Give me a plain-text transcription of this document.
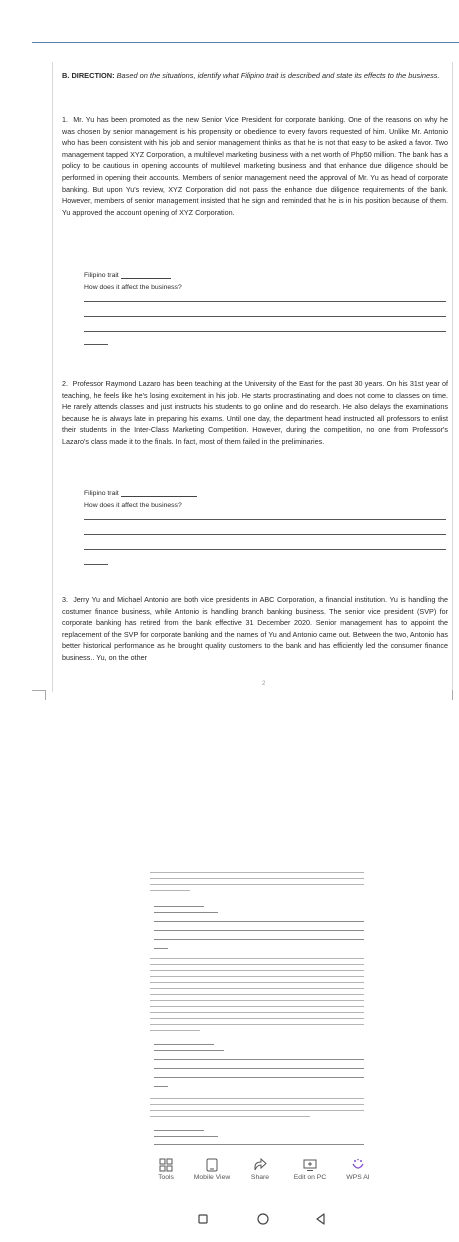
B. DIRECTION: Based on the situations, identify what Filipino trait is described and state its effects to the business.
1. Mr. Yu has been promoted as the new Senior Vice President for corporate banking. One of the reasons on why he was chosen by senior management is his propensity or obedience to every favors requested of him. Unlike Mr. Antonio who has been consistent with his job and senior management thinks as that he is not that easy to be asked a favor. Two management tapped XYZ Corporation, a multilevel marketing business with a net worth of Php50 million. The bank has a policy to be cautious in opening accounts of multilevel marketing business and that enhance due diligence should be performed in opening their accounts. Members of senior management need the approval of Mr. Yu as head of corporate banking. But upon Yu's review, XYZ Corporation did not pass the enhance due diligence requirements of the bank. However, members of senior management insisted that he sign and reminded that he is in his position because of them. Yu approved the account opening of XYZ Corporation.
Filipino trait
How does it affect the business?
2. Professor Raymond Lazaro has been teaching at the University of the East for the past 30 years. On his 31st year of teaching, he feels like he's losing excitement in his job. He starts procrastinating and does not come to classes on time. He rarely attends classes and just instructs his students to go online and do research. He also delays the examinations because he is always late in preparing his exams. Until one day, the department head instructed all professors to enlist their students in the Inter-Class Marketing Competition. However, during the competition, no one from Professor's Lazaro's class made it to the finals. In fact, most of them failed in the preliminaries.
Filipino trait
How does it affect the business?
3. Jerry Yu and Michael Antonio are both vice presidents in ABC Corporation, a financial institution. Yu is handling the costumer finance business, while Antonio is handling branch banking business. The senior vice president (SVP) for corporate banking has retired from the bank effective 31 December 2020. Senior management has to appoint the replacement of the SVP for corporate banking and the names of Yu and Antonio came out. Between the two, Antonio has better historical performance as he brought quality customers to the bank and has efficiently led the consumer finance business.. Yu, on the other
2
Tools	Mobile View	Share	Edit on PC	WPS AI
